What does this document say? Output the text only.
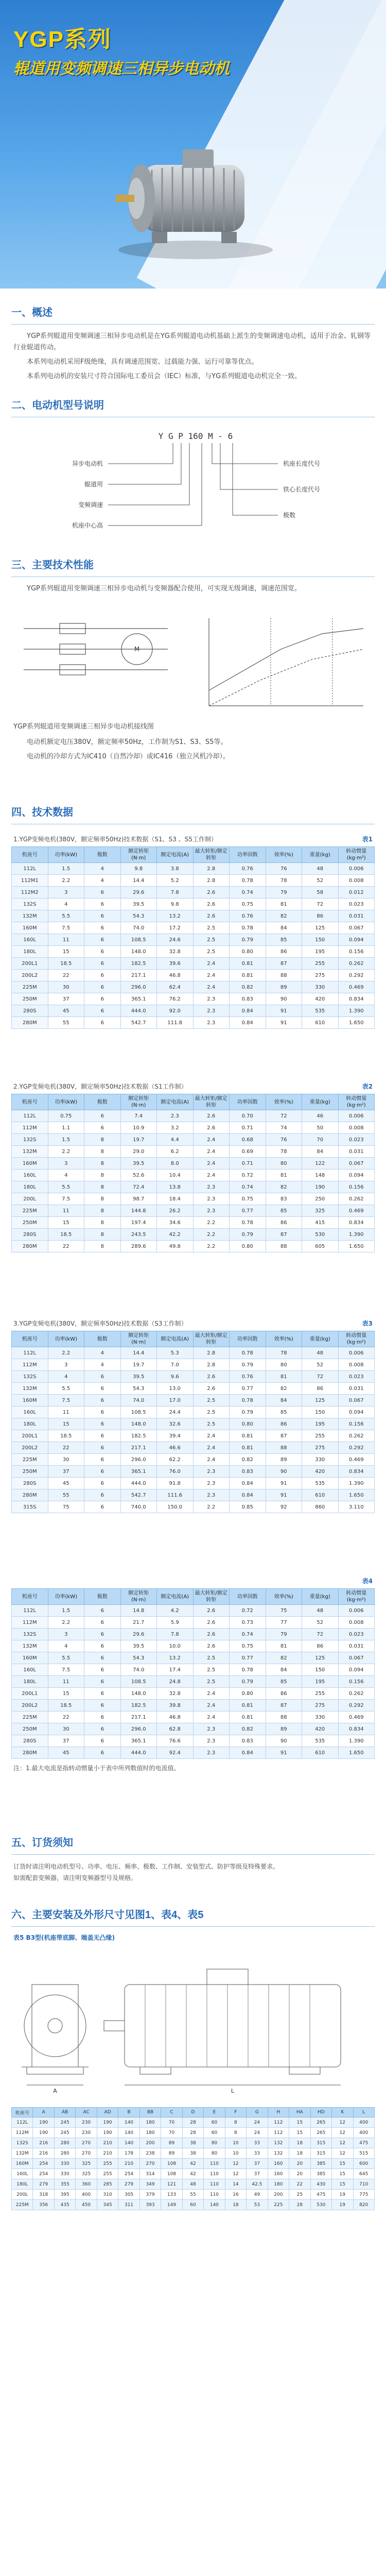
YGP系列
辊道用变频调速三相异步电动机
一、概述

YGP系列辊道用变频调速三相异步电动机是在YG系列辊道电动机基础上派生的变频调速电动机，适用于冶金、轧钢等行业辊道传动。

本系列电动机采用F级绝缘，具有调速范围宽、过载能力强、运行可靠等优点。

本系列电动机的安装尺寸符合国际电工委员会（IEC）标准，与YG系列辊道电动机完全一致。

二、电动机型号说明
Y G P 160 M - 6
异步电动机
辊道用
变频调速
机座中心高
机座长度代号
铁心长度代号
极数
三、主要技术性能

YGP系列辊道用变频调速三相异步电动机与变频器配合使用，可实现无级调速，调速范围宽。

M

YGP系列辊道用变频调速三相异步电动机接线图

电动机额定电压380V，额定频率50Hz，工作制为S1、S3、S5等。

电动机的冷却方式为IC410（自然冷却）或IC416（独立风机冷却）。

四、技术数据
1.YGP变频电机(380V，额定频率50Hz)技术数据（S1、S3 、S5工作制）	表1
机座号	功率(kW)	极数	额定转矩(N·m)	额定电流(A)	最大转矩/额定转矩	功率因数	效率(%)	重量(kg)	转动惯量(kg·m²)
112L	1.5	4	9.8	3.8	2.8	0.76	76	48	0.006
112M1	2.2	4	14.4	5.2	2.8	0.78	78	52	0.008
112M2	3	6	29.6	7.8	2.6	0.74	79	58	0.012
132S	4	6	39.5	9.8	2.6	0.75	81	72	0.023
132M	5.5	6	54.3	13.2	2.6	0.76	82	86	0.031
160M	7.5	6	74.0	17.2	2.5	0.78	84	125	0.067
160L	11	6	108.5	24.6	2.5	0.79	85	150	0.094
180L	15	6	148.0	32.8	2.5	0.80	86	195	0.156
200L1	18.5	6	182.5	39.6	2.4	0.81	87	255	0.262
200L2	22	6	217.1	46.8	2.4	0.81	88	275	0.292
225M	30	6	296.0	62.4	2.4	0.82	89	330	0.469
250M	37	6	365.1	76.2	2.3	0.83	90	420	0.834
280S	45	6	444.0	92.0	2.3	0.84	91	535	1.390
280M	55	6	542.7	111.8	2.3	0.84	91	610	1.650
2.YGP变频电机(380V，额定频率50Hz)技术数据（S1工作制）	表2
机座号	功率(kW)	极数	额定转矩(N·m)	额定电流(A)	最大转矩/额定转矩	功率因数	效率(%)	重量(kg)	转动惯量(kg·m²)
112L	0.75	6	7.4	2.3	2.6	0.70	72	46	0.006
112M	1.1	6	10.9	3.2	2.6	0.71	74	50	0.008
132S	1.5	8	19.7	4.4	2.4	0.68	76	70	0.023
132M	2.2	8	29.0	6.2	2.4	0.69	78	84	0.031
160M	3	8	39.5	8.0	2.4	0.71	80	122	0.067
160L	4	8	52.6	10.4	2.4	0.72	81	148	0.094
180L	5.5	8	72.4	13.8	2.3	0.74	82	190	0.156
200L	7.5	8	98.7	18.4	2.3	0.75	83	250	0.262
225M	11	8	144.8	26.2	2.3	0.77	85	325	0.469
250M	15	8	197.4	34.6	2.2	0.78	86	415	0.834
280S	18.5	8	243.5	42.2	2.2	0.79	87	530	1.390
280M	22	8	289.6	49.8	2.2	0.80	88	605	1.650
3.YGP变频电机(380V，额定频率50Hz)技术数据（S3工作制）	表3
机座号	功率(kW)	极数	额定转矩(N·m)	额定电流(A)	最大转矩/额定转矩	功率因数	效率(%)	重量(kg)	转动惯量(kg·m²)
112L	2.2	4	14.4	5.3	2.8	0.78	78	48	0.006
112M	3	4	19.7	7.0	2.8	0.79	80	52	0.008
132S	4	6	39.5	9.6	2.6	0.76	81	72	0.023
132M	5.5	6	54.3	13.0	2.6	0.77	82	86	0.031
160M	7.5	6	74.0	17.0	2.5	0.78	84	125	0.067
160L	11	6	108.5	24.4	2.5	0.79	85	150	0.094
180L	15	6	148.0	32.6	2.5	0.80	86	195	0.156
200L1	18.5	6	182.5	39.4	2.4	0.81	87	255	0.262
200L2	22	6	217.1	46.6	2.4	0.81	88	275	0.292
225M	30	6	296.0	62.2	2.4	0.82	89	330	0.469
250M	37	6	365.1	76.0	2.3	0.83	90	420	0.834
280S	45	6	444.0	91.8	2.3	0.84	91	535	1.390
280M	55	6	542.7	111.6	2.3	0.84	91	610	1.650
315S	75	6	740.0	150.0	2.2	0.85	92	860	3.110
表4
机座号	功率(kW)	极数	额定转矩(N·m)	额定电流(A)	最大转矩/额定转矩	功率因数	效率(%)	重量(kg)	转动惯量(kg·m²)
112L	1.5	6	14.8	4.2	2.6	0.72	75	48	0.006
112M	2.2	6	21.7	5.9	2.6	0.73	77	52	0.008
132S	3	6	29.6	7.8	2.6	0.74	79	72	0.023
132M	4	6	39.5	10.0	2.6	0.75	81	86	0.031
160M	5.5	6	54.3	13.2	2.5	0.77	82	125	0.067
160L	7.5	6	74.0	17.4	2.5	0.78	84	150	0.094
180L	11	6	108.5	24.8	2.5	0.79	85	195	0.156
200L1	15	6	148.0	32.8	2.4	0.80	86	255	0.262
200L2	18.5	6	182.5	39.8	2.4	0.81	87	275	0.292
225M	22	6	217.1	46.8	2.4	0.81	88	330	0.469
250M	30	6	296.0	62.8	2.3	0.82	89	420	0.834
280S	37	6	365.1	76.6	2.3	0.83	90	535	1.390
280M	45	6	444.0	92.4	2.3	0.84	91	610	1.650
注：1.最大电流是指转动惯量小于表中所列数值时的电流值。
五、订货须知
订货时请注明电动机型号、功率、电压、频率、极数、工作制、安装型式、防护等级及特殊要求。
如需配套变频器，请注明变频器型号及规格。
六、主要安装及外形尺寸见图1、表4、表5
表5 B3型(机座带底脚、端盖无凸缘)
L
A
机座号	A	AB	AC	AD	B	BB	C	D	E	F	G	H	HA	HD	K	L
112L	190	245	230	190	140	180	70	28	60	8	24	112	15	265	12	400
112M	190	245	230	190	140	180	70	28	60	8	24	112	15	265	12	400
132S	216	280	270	210	140	200	89	38	80	10	33	132	18	315	12	475
132M	216	280	270	210	178	238	89	38	80	10	33	132	18	315	12	515
160M	254	330	325	255	210	270	108	42	110	12	37	160	20	385	15	600
160L	254	330	325	255	254	314	108	42	110	12	37	160	20	385	15	645
180L	279	355	360	285	279	349	121	48	110	14	42.5	180	22	430	15	710
200L	318	395	400	310	305	379	133	55	110	16	49	200	25	475	19	775
225M	356	435	450	345	311	393	149	60	140	18	53	225	28	530	19	820
